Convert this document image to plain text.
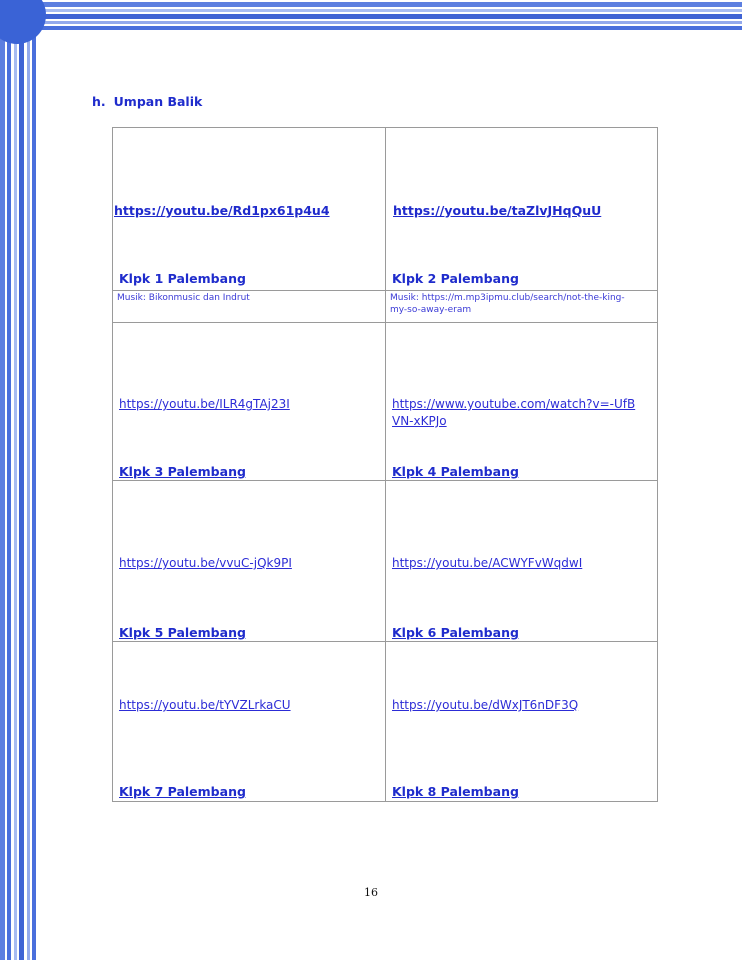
h. Umpan Balik
https://youtu.be/Rd1px61p4u4
Klpk 1 Palembang
https://youtu.be/taZlvJHqQuU
Klpk 2 Palembang
Musik: Bikonmusic dan Indrut	Musik: https://m.mp3ipmu.club/search/not-the-king-my-so-away-eram
https://youtu.be/ILR4gTAj23I
Klpk 3 Palembang
https://www.youtube.com/watch?v=-UfBVN-xKPJo
Klpk 4 Palembang
https://youtu.be/vvuC-jQk9PI
Klpk 5 Palembang
https://youtu.be/ACWYFvWqdwI
Klpk 6 Palembang
https://youtu.be/tYVZLrkaCU
Klpk 7 Palembang
https://youtu.be/dWxJT6nDF3Q
Klpk 8 Palembang
16
